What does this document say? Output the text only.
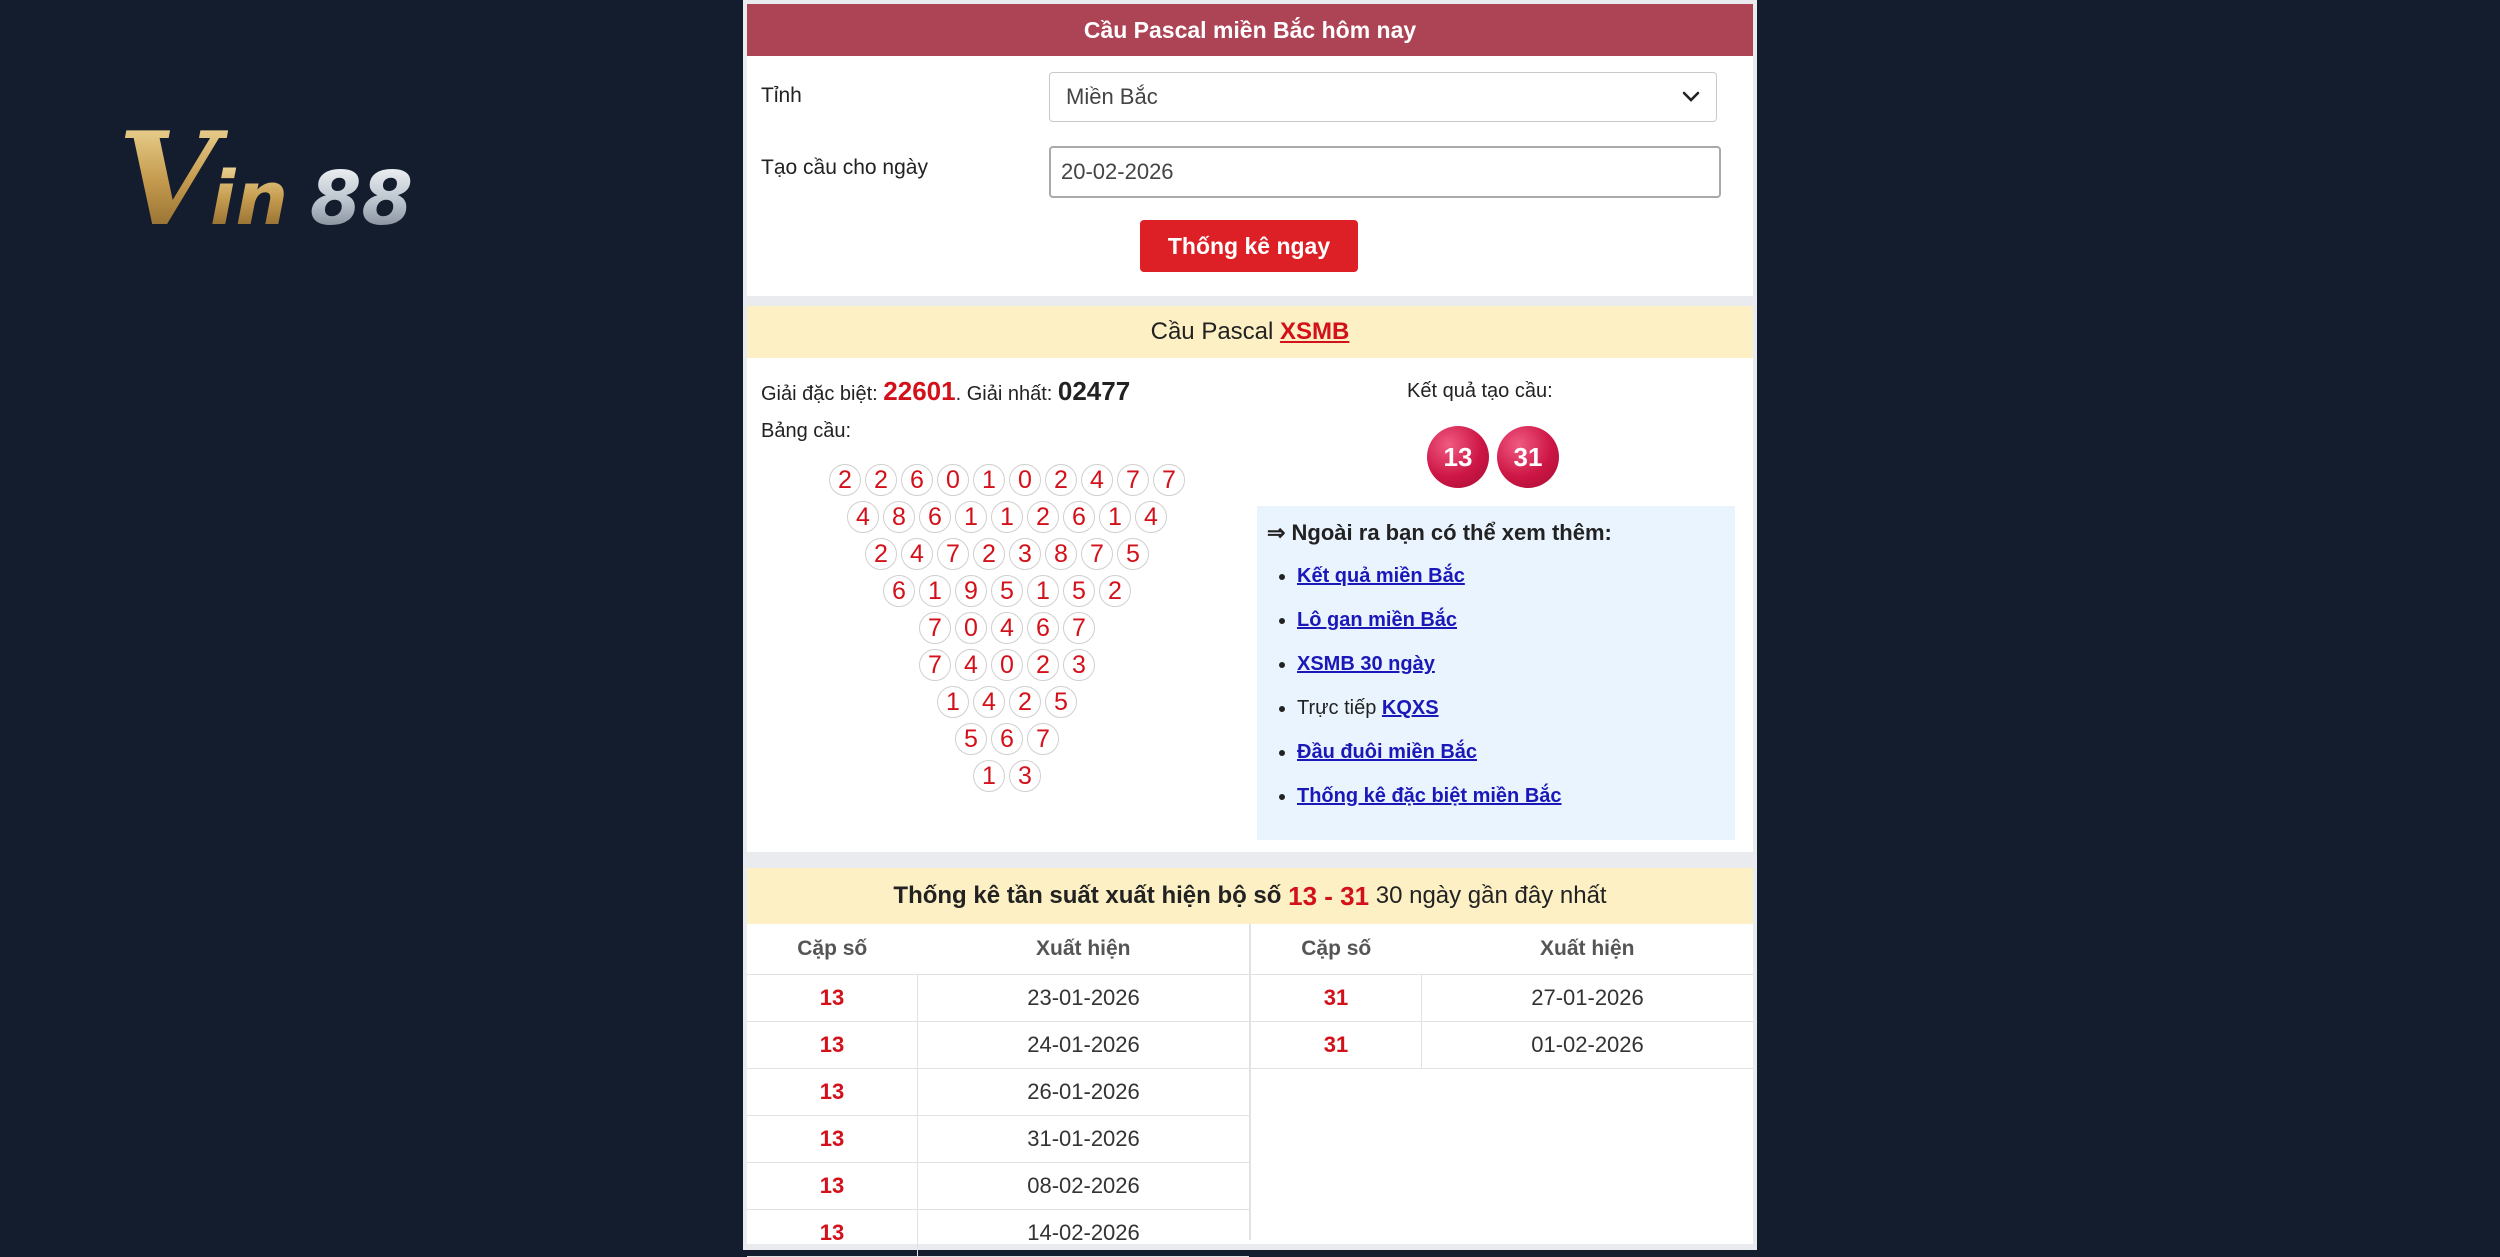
V
in 88
Cầu Pascal miền Bắc hôm nay
Tỉnh	Miền Bắc
Tạo cầu cho ngày	20-02-2026
Thống kê ngay
Cầu Pascal XSMB
Giải đặc biệt: 22601. Giải nhất: 02477
Bảng cầu:
2 2 6 0 1 0 2 4 7 7
4 8 6 1 1 2 6 1 4
2 4 7 2 3 8 7 5
6 1 9 5 1 5 2
7 0 4 6 7
7 4 0 2 3
1 4 2 5
5 6 7
1 3
Kết quả tạo cầu:
13	31
⇒ Ngoài ra bạn có thể xem thêm:
• Kết quả miền Bắc
• Lô gan miền Bắc
• XSMB 30 ngày
• Trực tiếp KQXS
• Đầu đuôi miền Bắc
• Thống kê đặc biệt miền Bắc
Thống kê tần suất xuất hiện bộ số 13 - 31 30 ngày gần đây nhất
Cặp số	Xuất hiện
13	23-01-2026
13	24-01-2026
13	26-01-2026
13	31-01-2026
13	08-02-2026
13	14-02-2026
Cặp số	Xuất hiện
31	27-01-2026
31	01-02-2026
